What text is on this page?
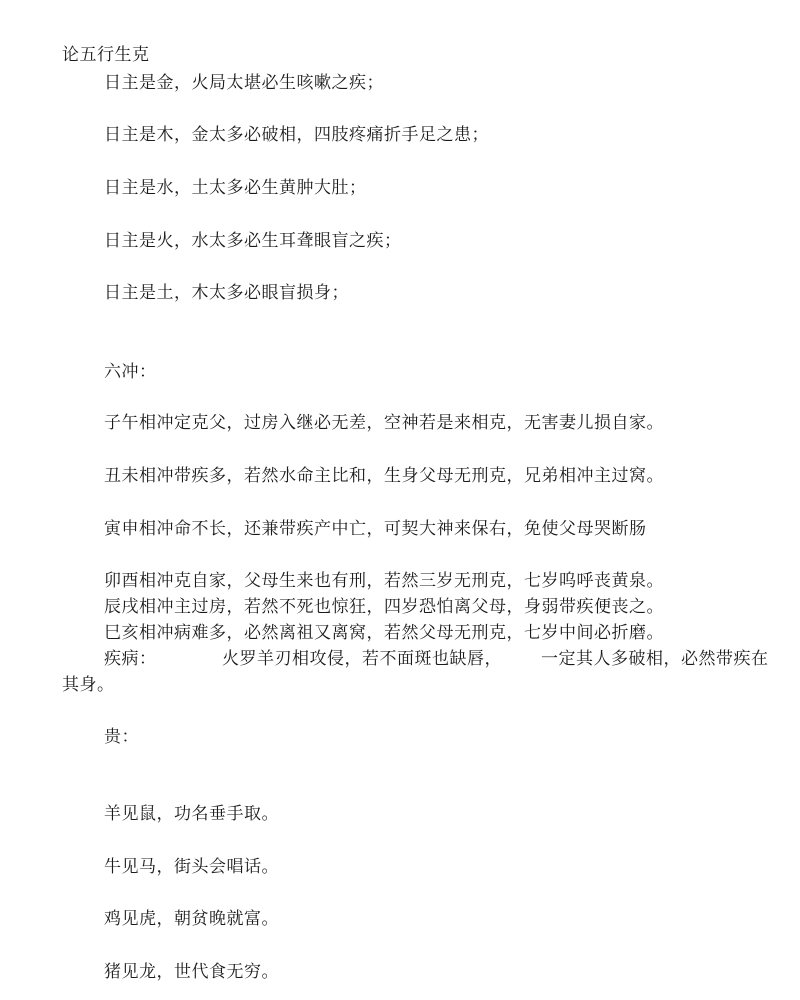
论五行生克
日主是金，火局太堪必生咳嗽之疾；
日主是木，金太多必破相，四肢疼痛折手足之患；
日主是水，土太多必生黄肿大肚；
日主是火，水太多必生耳聋眼盲之疾；
日主是土，木太多必眼盲损身；
六冲：
子午相冲定克父，过房入继必无差，空神若是来相克，无害妻儿损自家。
丑未相冲带疾多，若然水命主比和，生身父母无刑克，兄弟相冲主过窝。
寅申相冲命不长，还兼带疾产中亡，可契大神来保右，免使父母哭断肠
卯酉相冲克自家，父母生来也有刑，若然三岁无刑克，七岁呜呼丧黄泉。
辰戌相冲主过房，若然不死也惊狂，四岁恐怕离父母，身弱带疾便丧之。
巳亥相冲病难多，必然离祖又离窝，若然父母无刑克，七岁中间必折磨。
疾病：	火罗羊刃相攻侵，若不面斑也缺唇， 一定其人多破相，必然带疾在
其身。
贵：
羊见鼠，功名垂手取。
牛见马，街头会唱话。
鸡见虎，朝贫晚就富。
猪见龙，世代食无穷。
